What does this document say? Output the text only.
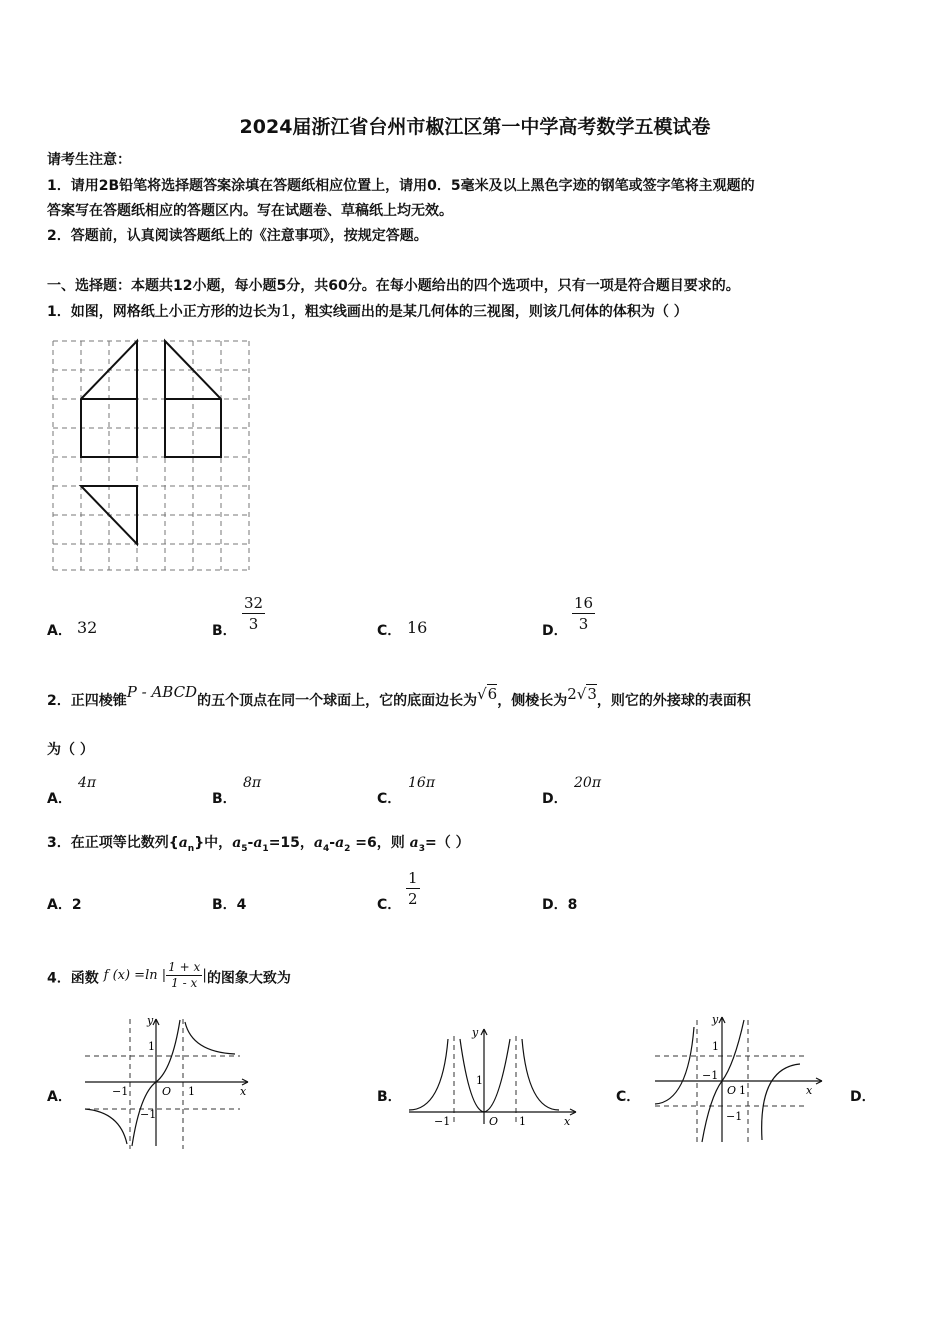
2024届浙江省台州市椒江区第一中学高考数学五模试卷
请考生注意：
1．请用2B铅笔将选择题答案涂填在答题纸相应位置上，请用0．5毫米及以上黑色字迹的钢笔或签字笔将主观题的
答案写在答题纸相应的答题区内。写在试题卷、草稿纸上均无效。
2．答题前，认真阅读答题纸上的《注意事项》，按规定答题。
一、选择题：本题共12小题，每小题5分，共60分。在每小题给出的四个选项中，只有一项是符合题目要求的。
1．如图，网格纸上小正方形的边长为1，粗实线画出的是某几何体的三视图，则该几何体的体积为（ ）
A． 32	B． $\frac{32}{3}$	C． 16	D． $\frac{16}{3}$
2．正四棱锥P - ABCD的五个顶点在同一个球面上，它的底面边长为√6，侧棱长为2√3，则它的外接球的表面积
为（ ）
A．
4π
B．
8π
C．
16π
D．
20π
3．在正项等比数列$\{a_n\}$中，$a_5-a_1=15$，$a_4-a_2 =6$，则 $a_3=$（ ）
A．2	B．4	C． $\frac{1}{2}$	D．8
4．函数 f (x) =ln | $\frac{1 + x}{1 - x}$ |的图象大致为
A．
y
x
1
−1	O 1
−1
B．
y
x
1
−1	O 1
C．
y
x
1
−1
O 1
−1
D．
